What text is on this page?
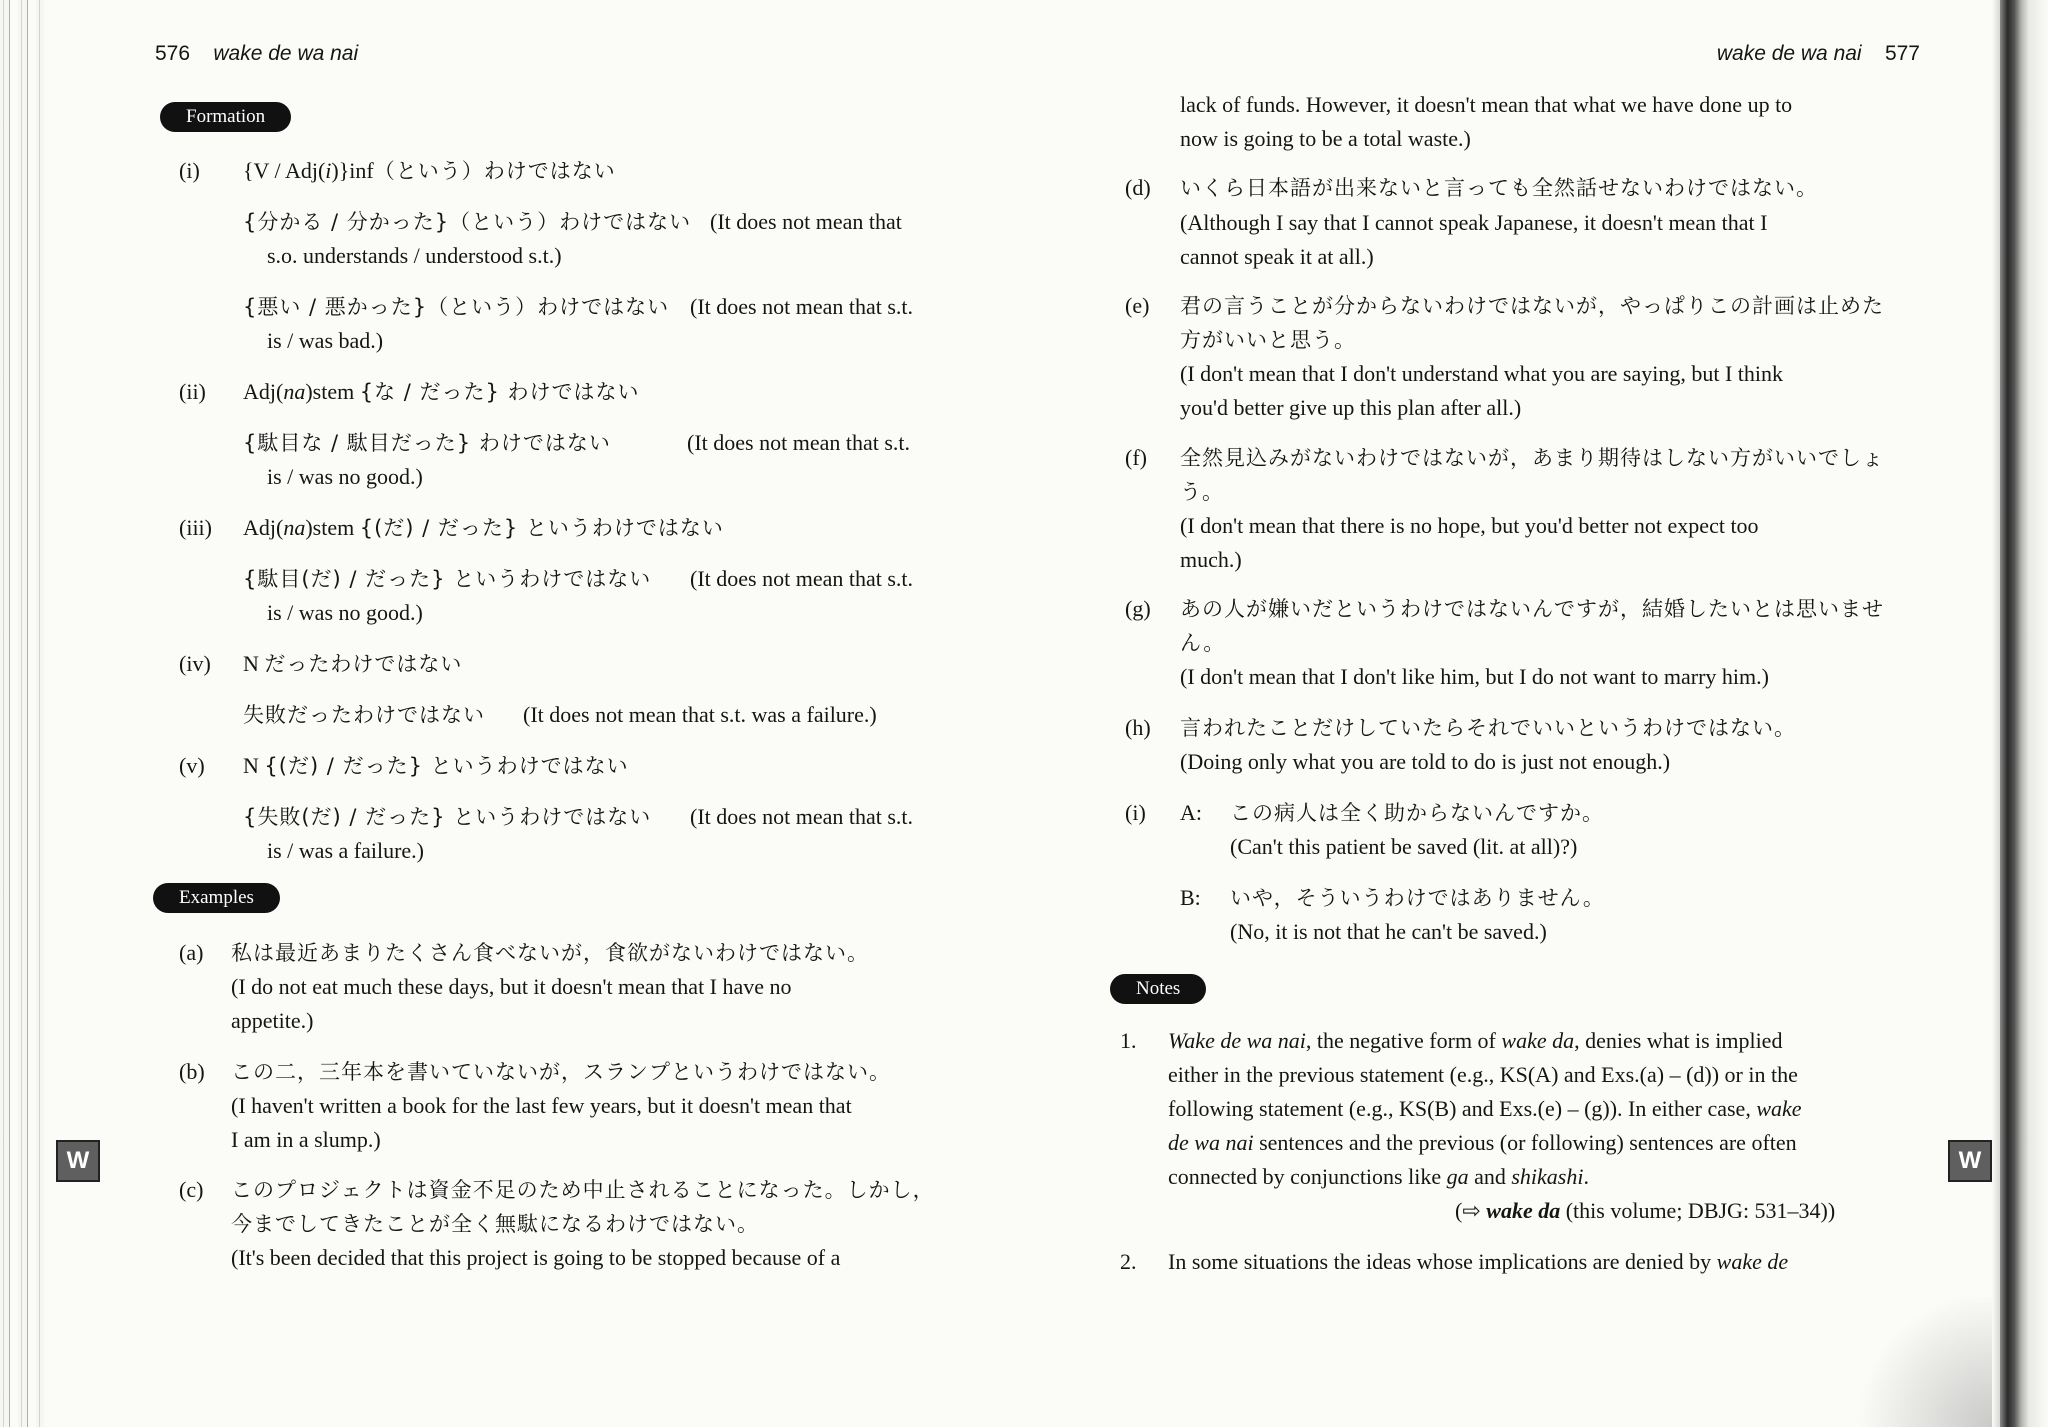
576 wake de wa nai
Formation
(i) {V / Adj(i)}inf（という）わけではない
{分かる / 分かった}（という）わけではない (It does not mean that
s.o. understands / understood s.t.)
{悪い / 悪かった}（という）わけではない (It does not mean that s.t.
is / was bad.)
(ii) Adj(na)stem {な / だった} わけではない
{駄目な / 駄目だった} わけではない	(It does not mean that s.t.
is / was no good.)
(iii) Adj(na)stem {(だ) / だった} というわけではない
{駄目(だ) / だった} というわけではない (It does not mean that s.t.
is / was no good.)
(iv) N だったわけではない
失敗だったわけではない (It does not mean that s.t. was a failure.)
(v) N {(だ) / だった} というわけではない
{失敗(だ) / だった} というわけではない (It does not mean that s.t.
is / was a failure.)
Examples
(a) 私は最近あまりたくさん食べないが，食欲がないわけではない。
(I do not eat much these days, but it doesn't mean that I have no
appetite.)
(b) この二，三年本を書いていないが，スランプというわけではない。
(I haven't written a book for the last few years, but it doesn't mean that
I am in a slump.)
(c) このプロジェクトは資金不足のため中止されることになった。しかし，
今までしてきたことが全く無駄になるわけではない。
(It's been decided that this project is going to be stopped because of a
W
wake de wa nai 577
lack of funds. However, it doesn't mean that what we have done up to
now is going to be a total waste.)
(d) いくら日本語が出来ないと言っても全然話せないわけではない。
(Although I say that I cannot speak Japanese, it doesn't mean that I
cannot speak it at all.)
(e) 君の言うことが分からないわけではないが，やっぱりこの計画は止めた
方がいいと思う。
(I don't mean that I don't understand what you are saying, but I think
you'd better give up this plan after all.)
(f) 全然見込みがないわけではないが，あまり期待はしない方がいいでしょ
う。
(I don't mean that there is no hope, but you'd better not expect too
much.)
(g) あの人が嫌いだというわけではないんですが，結婚したいとは思いませ
ん。
(I don't mean that I don't like him, but I do not want to marry him.)
(h) 言われたことだけしていたらそれでいいというわけではない。
(Doing only what you are told to do is just not enough.)
(i) A: この病人は全く助からないんですか。
(Can't this patient be saved (lit. at all)?)
B: いや，そういうわけではありません。
(No, it is not that he can't be saved.)
Notes
1. Wake de wa nai, the negative form of wake da, denies what is implied
either in the previous statement (e.g., KS(A) and Exs.(a) – (d)) or in the
following statement (e.g., KS(B) and Exs.(e) – (g)). In either case, wake
de wa nai sentences and the previous (or following) sentences are often
connected by conjunctions like ga and shikashi.
(⇨ wake da (this volume; DBJG: 531–34))
2. In some situations the ideas whose implications are denied by wake de
W
